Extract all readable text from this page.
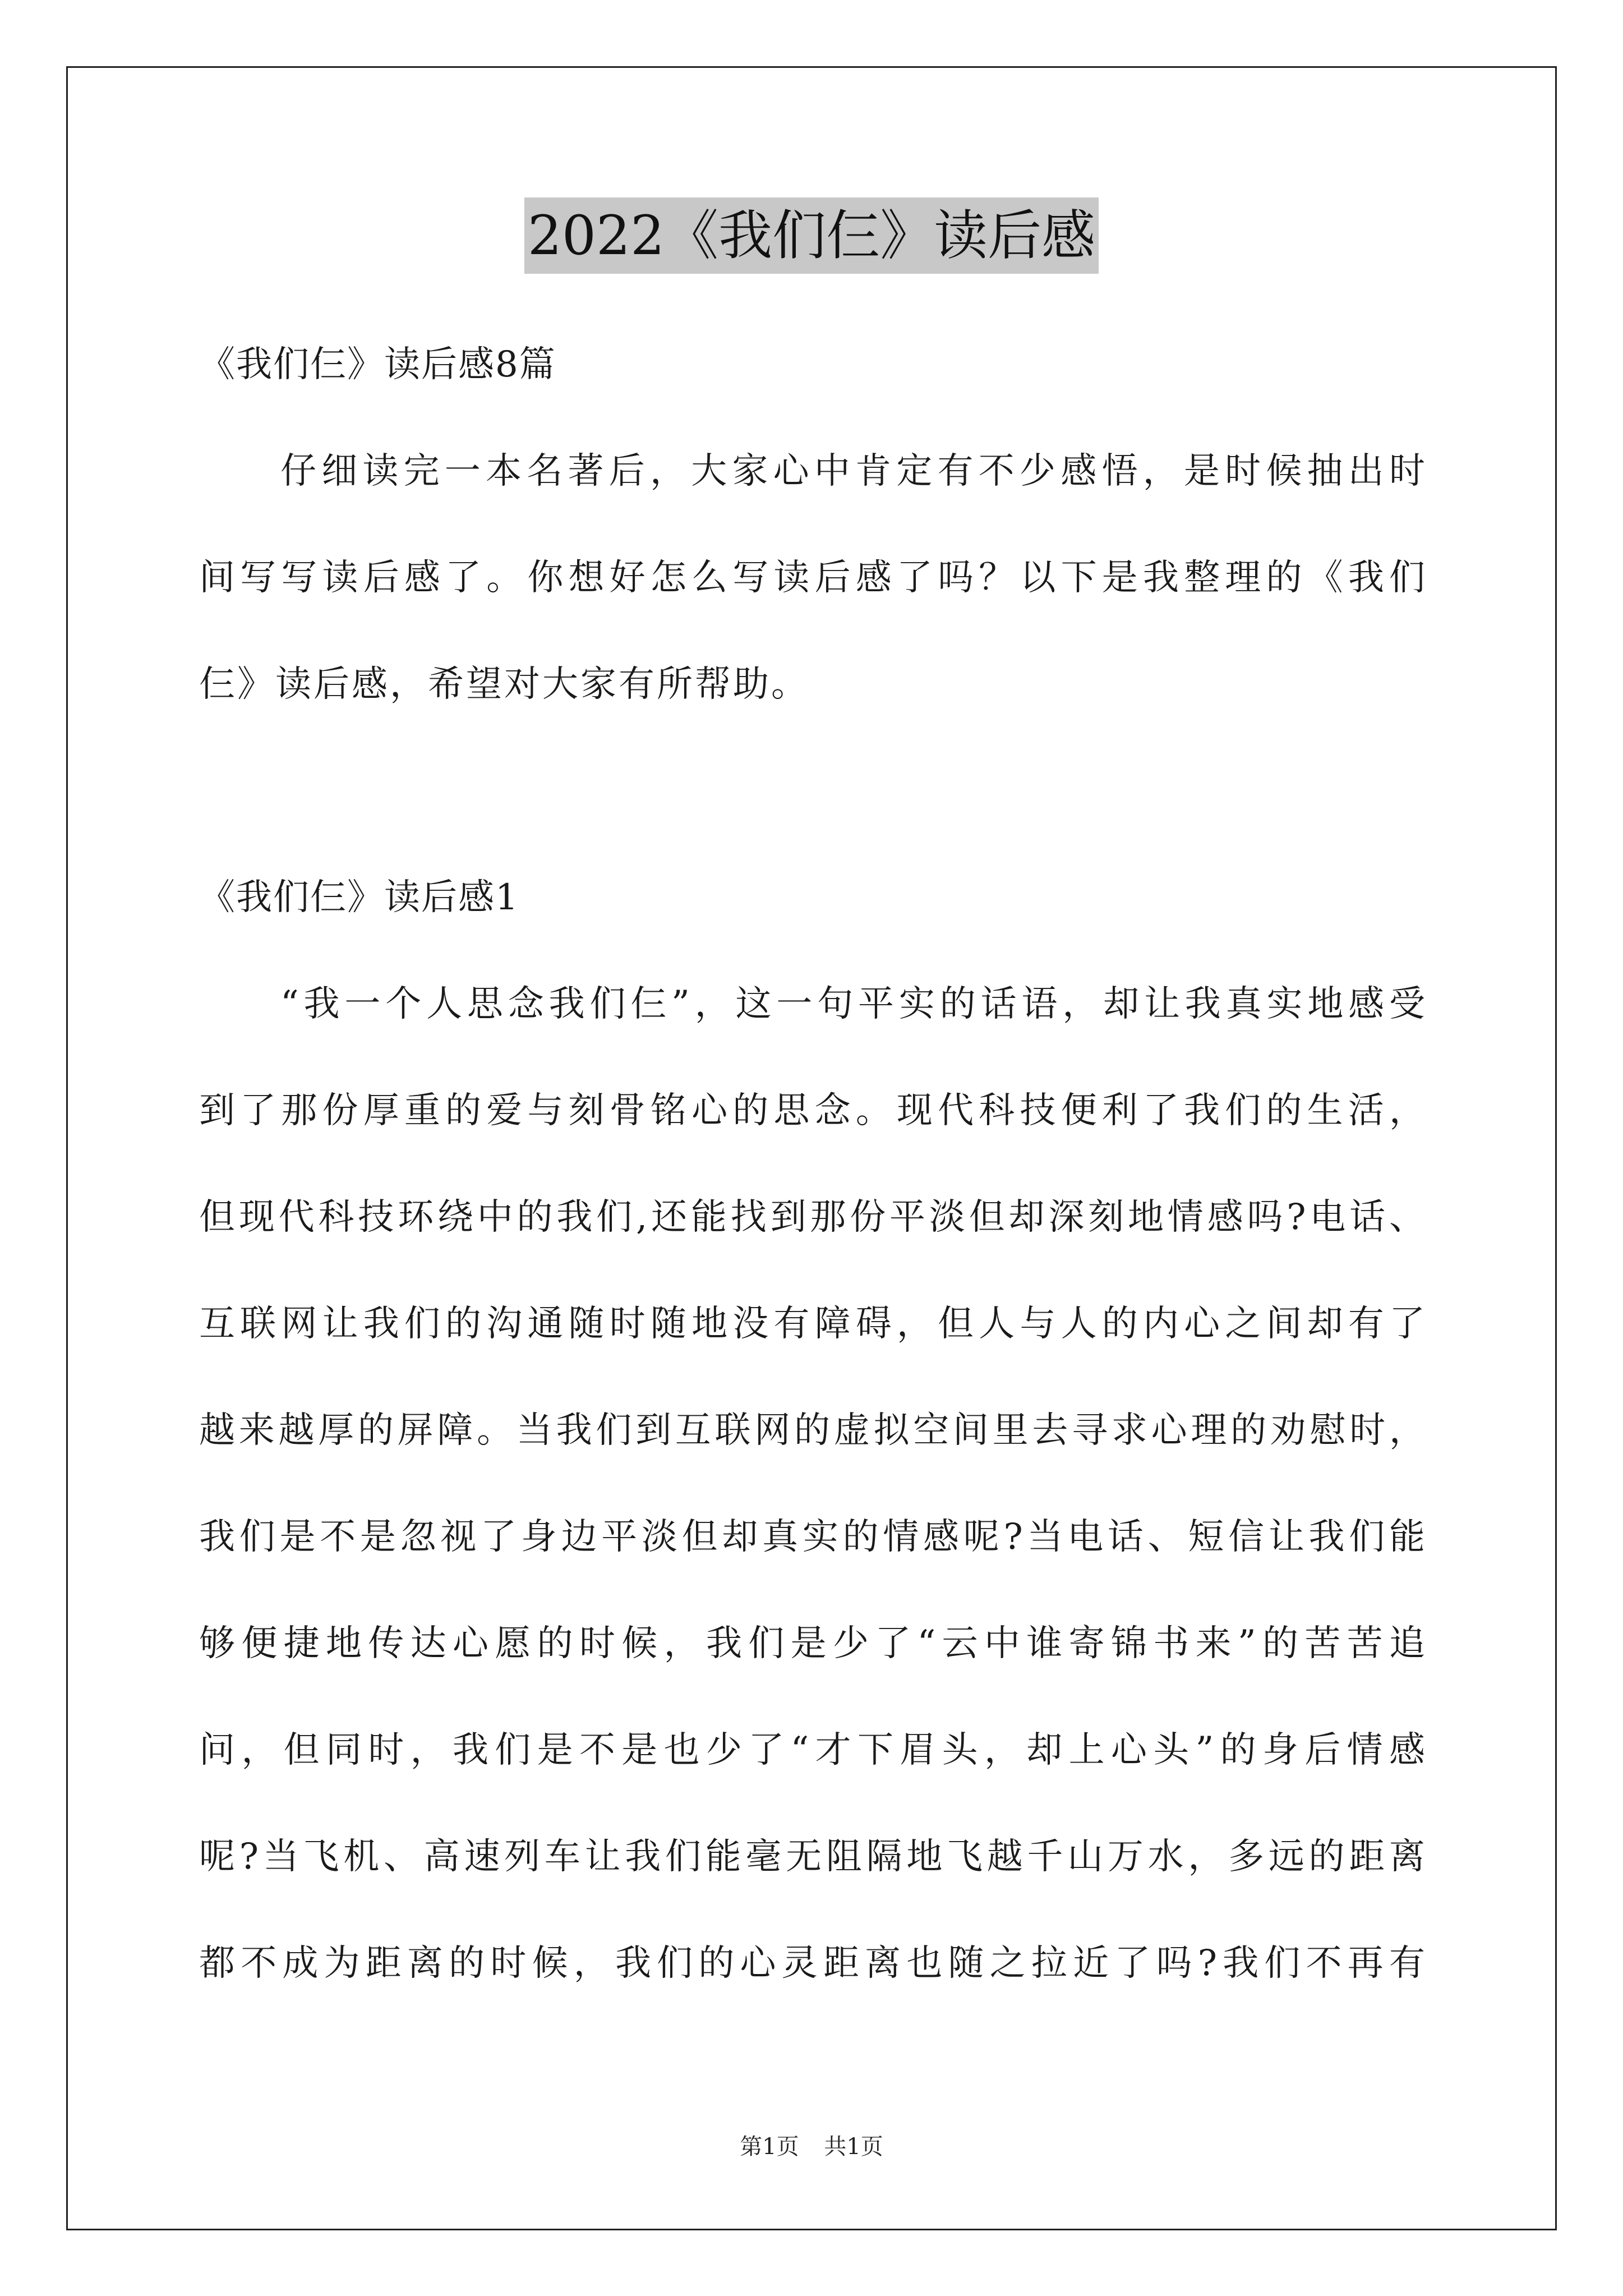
2022《我们仨》读后感
《我们仨》读后感8篇
仔细读完一本名著后，大家心中肯定有不少感悟，是时候抽出时
间写写读后感了。你想好怎么写读后感了吗？以下是我整理的《我们
仨》读后感，希望对大家有所帮助。
《我们仨》读后感1
“我一个人思念我们仨”，这一句平实的话语，却让我真实地感受
到了那份厚重的爱与刻骨铭心的思念。现代科技便利了我们的生活，
但现代科技环绕中的我们,还能找到那份平淡但却深刻地情感吗?电话、
互联网让我们的沟通随时随地没有障碍，但人与人的内心之间却有了
越来越厚的屏障。当我们到互联网的虚拟空间里去寻求心理的劝慰时，
我们是不是忽视了身边平淡但却真实的情感呢?当电话、短信让我们能
够便捷地传达心愿的时候，我们是少了“云中谁寄锦书来”的苦苦追
问，但同时，我们是不是也少了“才下眉头，却上心头”的身后情感
呢?当飞机、高速列车让我们能毫无阻隔地飞越千山万水，多远的距离
都不成为距离的时候，我们的心灵距离也随之拉近了吗?我们不再有
第1页 共1页
